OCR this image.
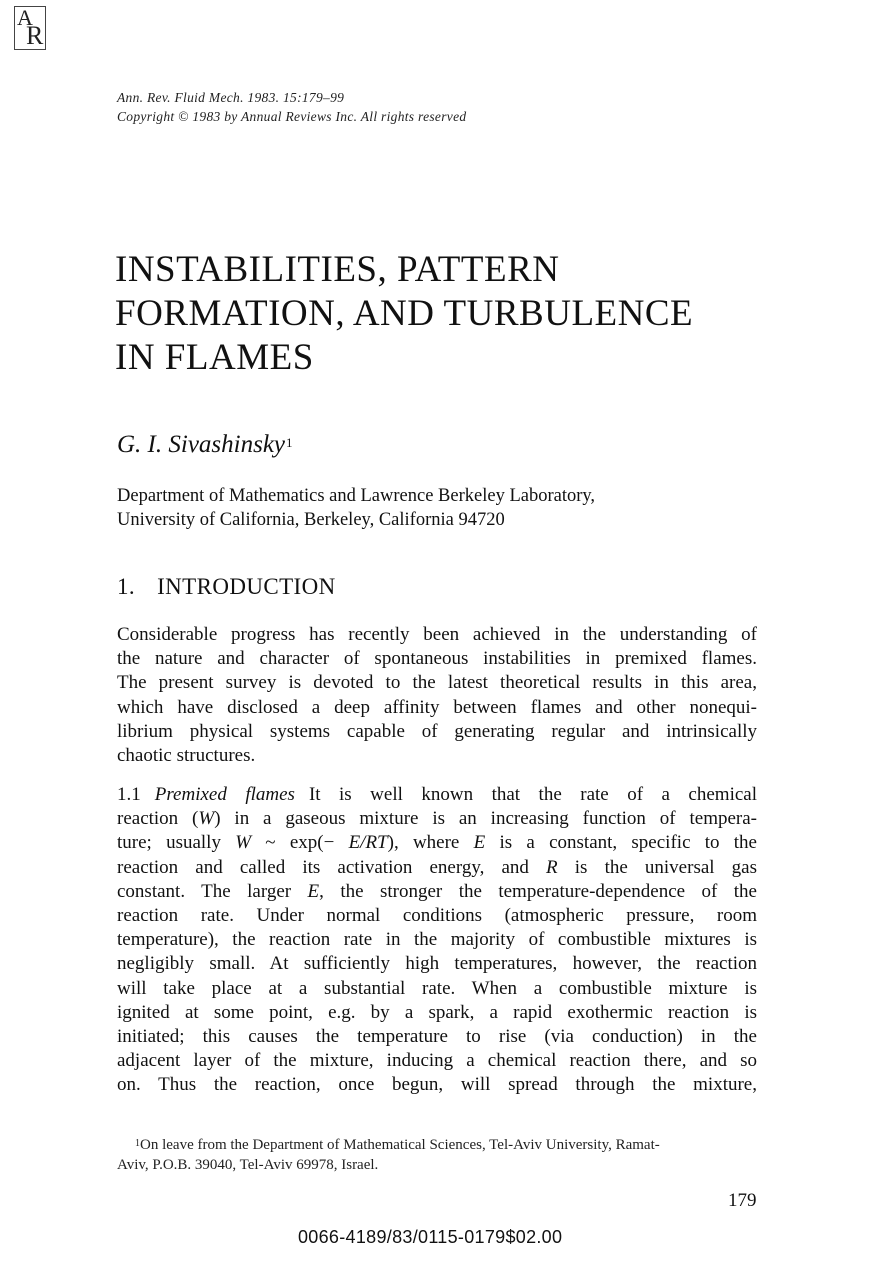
A
R
Ann. Rev. Fluid Mech. 1983. 15:179–99
Copyright © 1983 by Annual Reviews Inc. All rights reserved
INSTABILITIES, PATTERN
FORMATION, AND TURBULENCE
IN FLAMES
G. I. Sivashinsky$^1$
Department of Mathematics and Lawrence Berkeley Laboratory,
University of California, Berkeley, California 94720
1. INTRODUCTION
Considerable progress has recently been achieved in the understanding of
the nature and character of spontaneous instabilities in premixed flames.
The present survey is devoted to the latest theoretical results in this area,
which have disclosed a deep affinity between flames and other nonequi-
librium physical systems capable of generating regular and intrinsically
chaotic structures.
1.1 Premixed flames It is well known that the rate of a chemical
reaction (W) in a gaseous mixture is an increasing function of tempera-
ture; usually W ~ exp(− E/RT), where E is a constant, specific to the
reaction and called its activation energy, and R is the universal gas
constant. The larger E, the stronger the temperature-dependence of the
reaction rate. Under normal conditions (atmospheric pressure, room
temperature), the reaction rate in the majority of combustible mixtures is
negligibly small. At sufficiently high temperatures, however, the reaction
will take place at a substantial rate. When a combustible mixture is
ignited at some point, e.g. by a spark, a rapid exothermic reaction is
initiated; this causes the temperature to rise (via conduction) in the
adjacent layer of the mixture, inducing a chemical reaction there, and so
on. Thus the reaction, once begun, will spread through the mixture,
$^1$On leave from the Department of Mathematical Sciences, Tel-Aviv University, Ramat-
Aviv, P.O.B. 39040, Tel-Aviv 69978, Israel.
179
0066-4189/83/0115-0179$02.00
